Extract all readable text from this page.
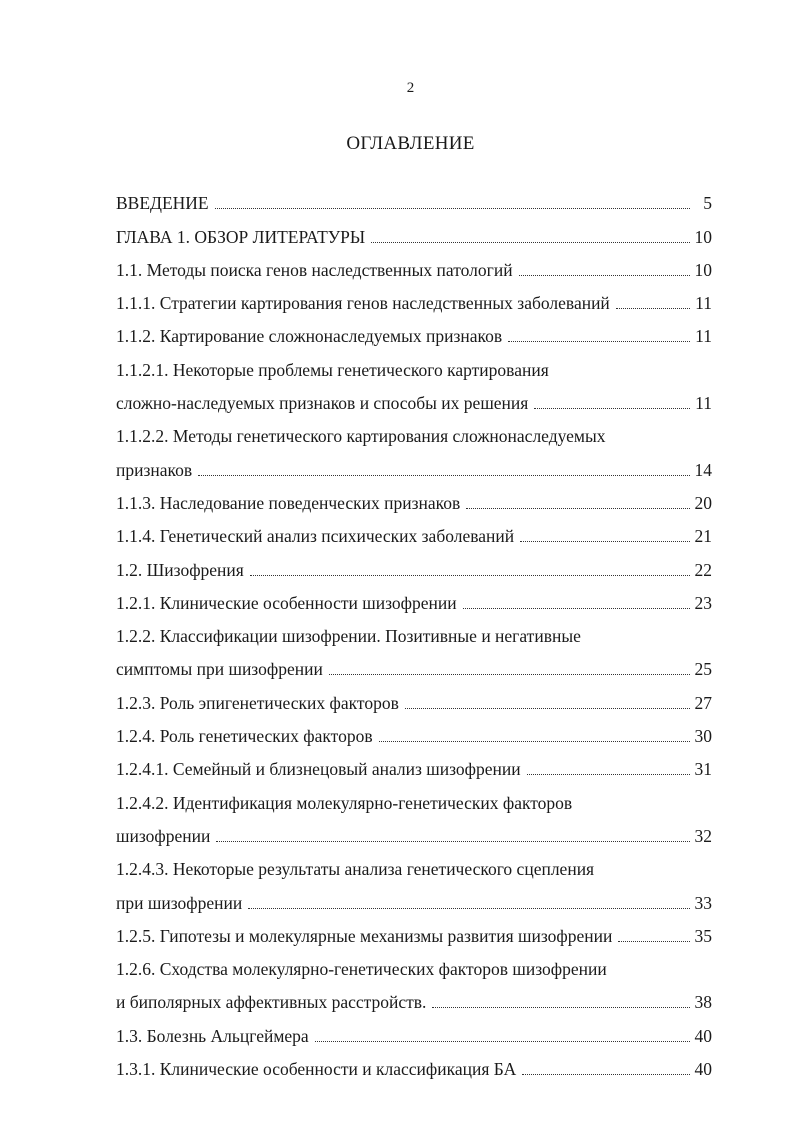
2
ОГЛАВЛЕНИЕ
ВВЕДЕНИЕ	5
ГЛАВА 1. ОБЗОР ЛИТЕРАТУРЫ	10
1.1. Методы поиска генов наследственных патологий	10
1.1.1. Стратегии картирования генов наследственных заболеваний	11
1.1.2. Картирование сложнонаследуемых признаков	11
1.1.2.1. Некоторые проблемы генетического картирования
сложно-наследуемых признаков и способы их решения	11
1.1.2.2. Методы генетического картирования сложнонаследуемых
признаков	14
1.1.3. Наследование поведенческих признаков	20
1.1.4. Генетический анализ психических заболеваний	21
1.2. Шизофрения	22
1.2.1. Клинические особенности шизофрении	23
1.2.2. Классификации шизофрении. Позитивные и негативные
симптомы при шизофрении	25
1.2.3. Роль эпигенетических факторов	27
1.2.4. Роль генетических факторов	30
1.2.4.1. Семейный и близнецовый анализ шизофрении	31
1.2.4.2. Идентификация молекулярно-генетических факторов
шизофрении	32
1.2.4.3. Некоторые результаты анализа генетического сцепления
при шизофрении	33
1.2.5. Гипотезы и молекулярные механизмы развития шизофрении	35
1.2.6. Сходства молекулярно-генетических факторов шизофрении
и биполярных аффективных расстройств.	38
1.3. Болезнь Альцгеймера	40
1.3.1. Клинические особенности и классификация БА	40
